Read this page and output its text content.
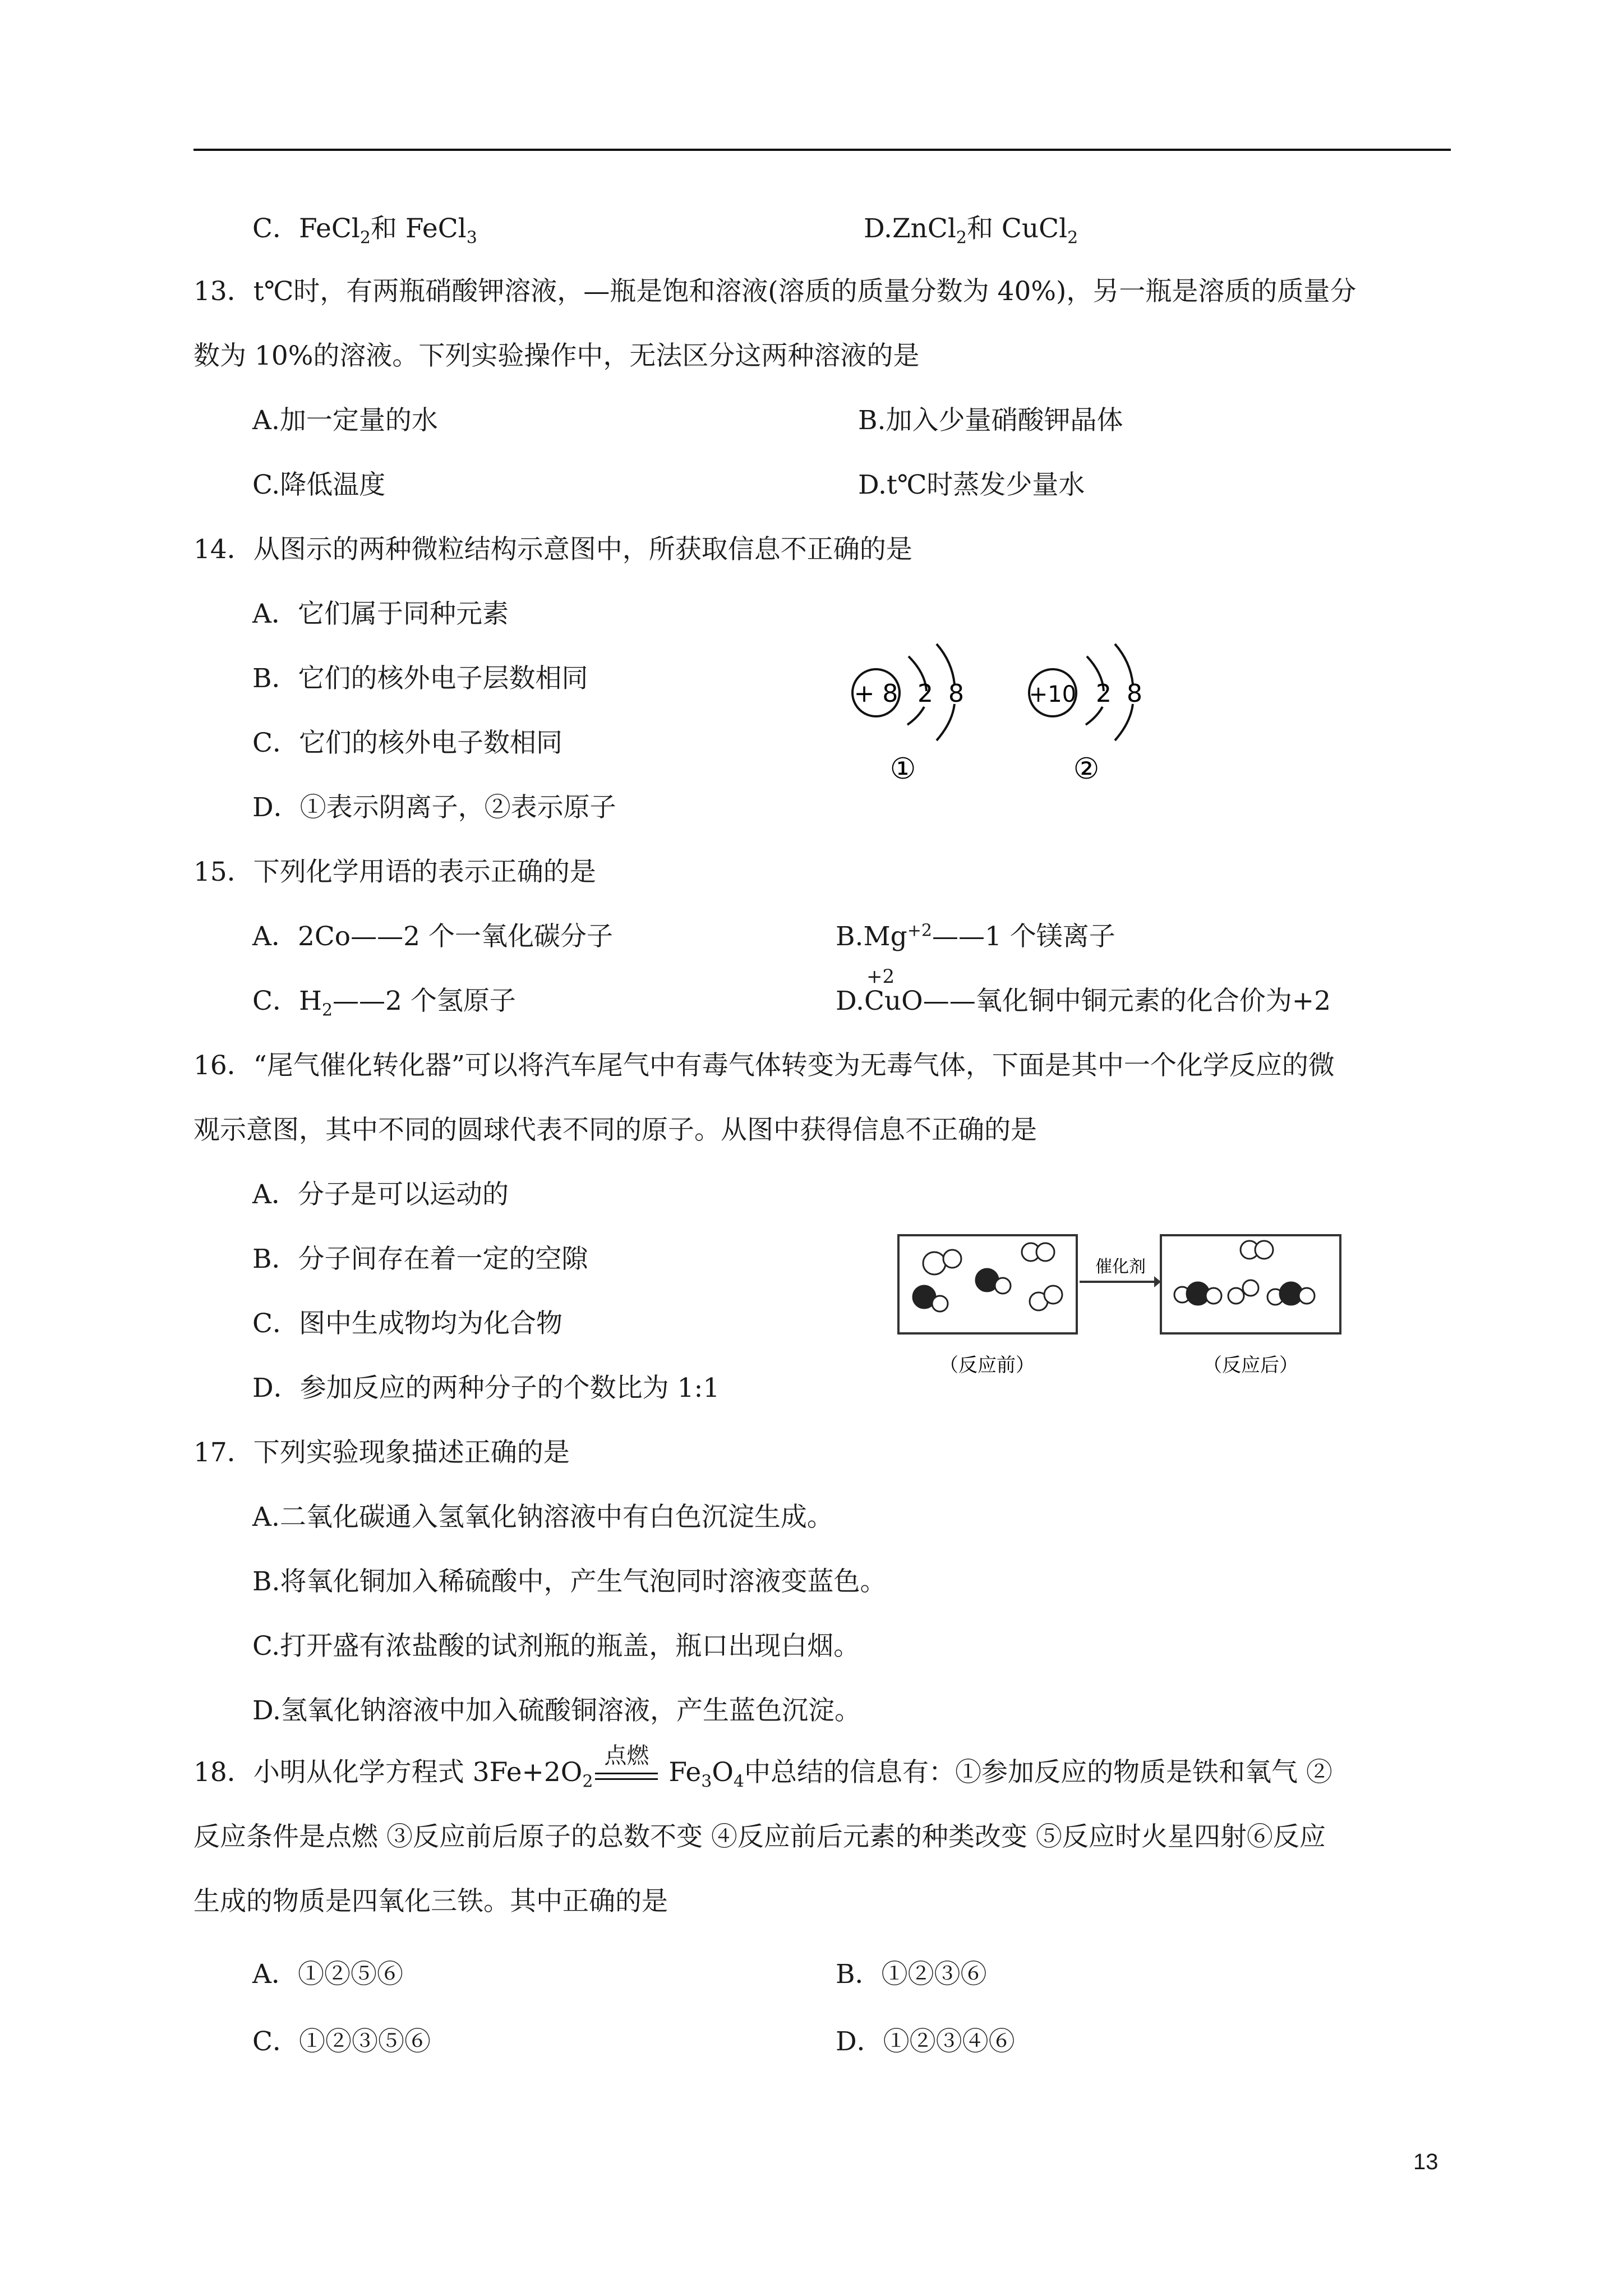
C．FeCl$_2$和 FeCl$_3$	D.ZnCl$_2$和 CuCl$_2$
13．t℃时，有两瓶硝酸钾溶液，—瓶是饱和溶液(溶质的质量分数为 40%)，另一瓶是溶质的质量分
数为 10%的溶液。下列实验操作中，无法区分这两种溶液的是
A.加一定量的水	B.加入少量硝酸钾晶体
C.降低温度	D.t℃时蒸发少量水
14．从图示的两种微粒结构示意图中，所获取信息不正确的是
A．它们属于同种元素
B．它们的核外电子层数相同
C．它们的核外电子数相同
D．①表示阴离子，②表示原子
+ 8 2 8
①
+10 2 8
②
15．下列化学用语的表示正确的是
A．2Co——2 个一氧化碳分子	$B.Mg^{+2}——1$ 个镁离子
C．$H_2——2$ 个氢原子	D.CuO
+2
——氧化铜中铜元素的化合价为+2
16．“尾气催化转化器”可以将汽车尾气中有毒气体转变为无毒气体，下面是其中一个化学反应的微
观示意图，其中不同的圆球代表不同的原子。从图中获得信息不正确的是
A．分子是可以运动的
B．分子间存在着一定的空隙
C．图中生成物均为化合物
D．参加反应的两种分子的个数比为 1:1
催化剂
（反应前）	（反应后）
17．下列实验现象描述正确的是
A.二氧化碳通入氢氧化钠溶液中有白色沉淀生成。
B.将氧化铜加入稀硫酸中，产生气泡同时溶液变蓝色。
C.打开盛有浓盐酸的试剂瓶的瓶盖，瓶口出现白烟。
D.氢氧化钠溶液中加入硫酸铜溶液，产生蓝色沉淀。
18．小明从化学方程式 $3Fe+2O_2$
点燃
$Fe_3O_4$中总结的信息有：①参加反应的物质是铁和氧气 ②
反应条件是点燃 ③反应前后原子的总数不变 ④反应前后元素的种类改变 ⑤反应时火星四射⑥反应
生成的物质是四氧化三铁。其中正确的是
A．①②⑤⑥	B．①②③⑥
C．①②③⑤⑥	D．①②③④⑥
13
